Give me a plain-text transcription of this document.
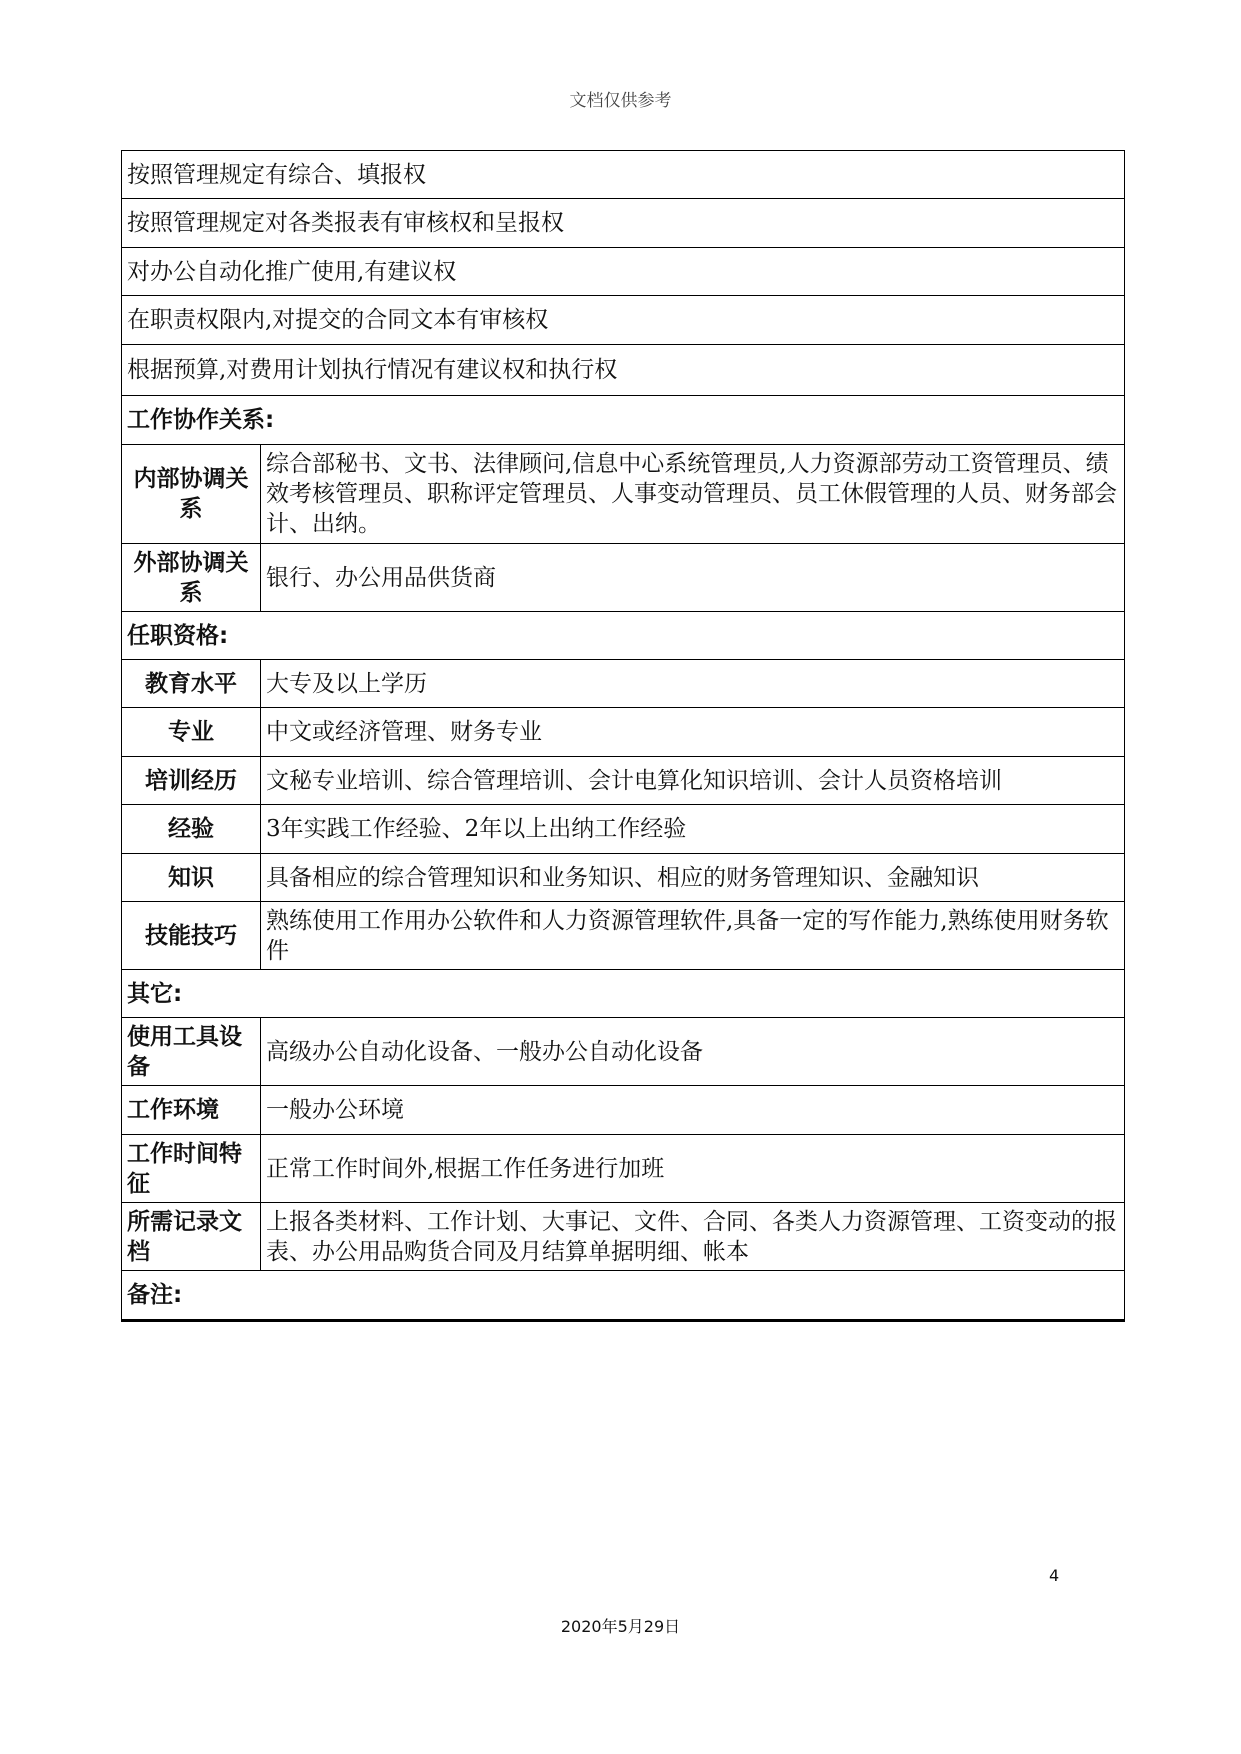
文档仅供参考
按照管理规定有综合、填报权	
按照管理规定对各类报表有审核权和呈报权	
对办公自动化推广使用,有建议权	
在职责权限内,对提交的合同文本有审核权	
根据预算,对费用计划执行情况有建议权和执行权	
工作协作关系:	
内部协调关系	综合部秘书、文书、法律顾问,信息中心系统管理员,人力资源部劳动工资管理员、绩效考核管理员、职称评定管理员、人事变动管理员、员工休假管理的人员、财务部会计、出纳。
外部协调关系	银行、办公用品供货商
任职资格:	
教育水平	大专及以上学历
专业	中文或经济管理、财务专业
培训经历	文秘专业培训、综合管理培训、会计电算化知识培训、会计人员资格培训
经验	3年实践工作经验、2年以上出纳工作经验
知识	具备相应的综合管理知识和业务知识、相应的财务管理知识、金融知识
技能技巧	熟练使用工作用办公软件和人力资源管理软件,具备一定的写作能力,熟练使用财务软件
其它:	
使用工具设备	高级办公自动化设备、一般办公自动化设备
工作环境	一般办公环境
工作时间特征	正常工作时间外,根据工作任务进行加班
所需记录文档	上报各类材料、工作计划、大事记、文件、合同、各类人力资源管理、工资变动的报表、办公用品购货合同及月结算单据明细、帐本
备注:	
4
2020年5月29日
